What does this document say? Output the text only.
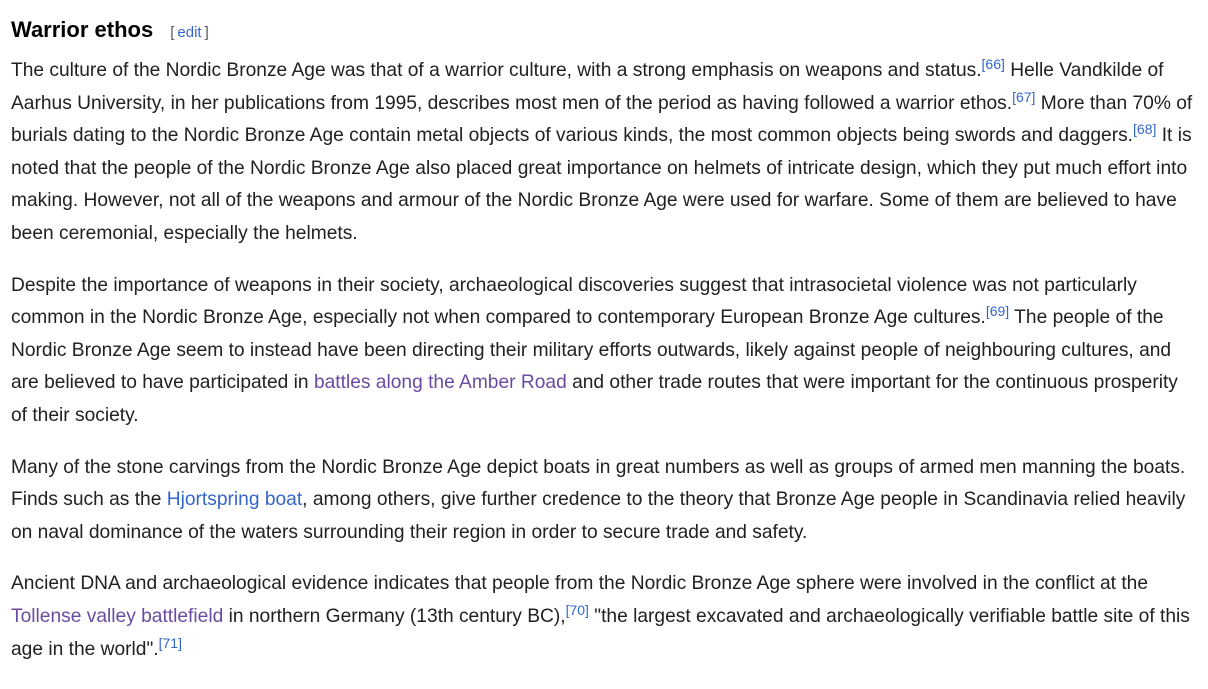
Warrior ethos [ edit ]

The culture of the Nordic Bronze Age was that of a warrior culture, with a strong emphasis on weapons and status.[66] Helle Vandkilde of Aarhus University, in her publications from 1995, describes most men of the period as having followed a warrior ethos.[67] More than 70% of burials dating to the Nordic Bronze Age contain metal objects of various kinds, the most common objects being swords and daggers.[68] It is noted that the people of the Nordic Bronze Age also placed great importance on helmets of intricate design, which they put much effort into making. However, not all of the weapons and armour of the Nordic Bronze Age were used for warfare. Some of them are believed to have been ceremonial, especially the helmets.

Despite the importance of weapons in their society, archaeological discoveries suggest that intrasocietal violence was not particularly common in the Nordic Bronze Age, especially not when compared to contemporary European Bronze Age cultures.[69] The people of the Nordic Bronze Age seem to instead have been directing their military efforts outwards, likely against people of neighbouring cultures, and are believed to have participated in battles along the Amber Road and other trade routes that were important for the continuous prosperity of their society.

Many of the stone carvings from the Nordic Bronze Age depict boats in great numbers as well as groups of armed men manning the boats. Finds such as the Hjortspring boat, among others, give further credence to the theory that Bronze Age people in Scandinavia relied heavily on naval dominance of the waters surrounding their region in order to secure trade and safety.

Ancient DNA and archaeological evidence indicates that people from the Nordic Bronze Age sphere were involved in the conflict at the Tollense valley battlefield in northern Germany (13th century BC),[70] "the largest excavated and archaeologically verifiable battle site of this age in the world".[71]
